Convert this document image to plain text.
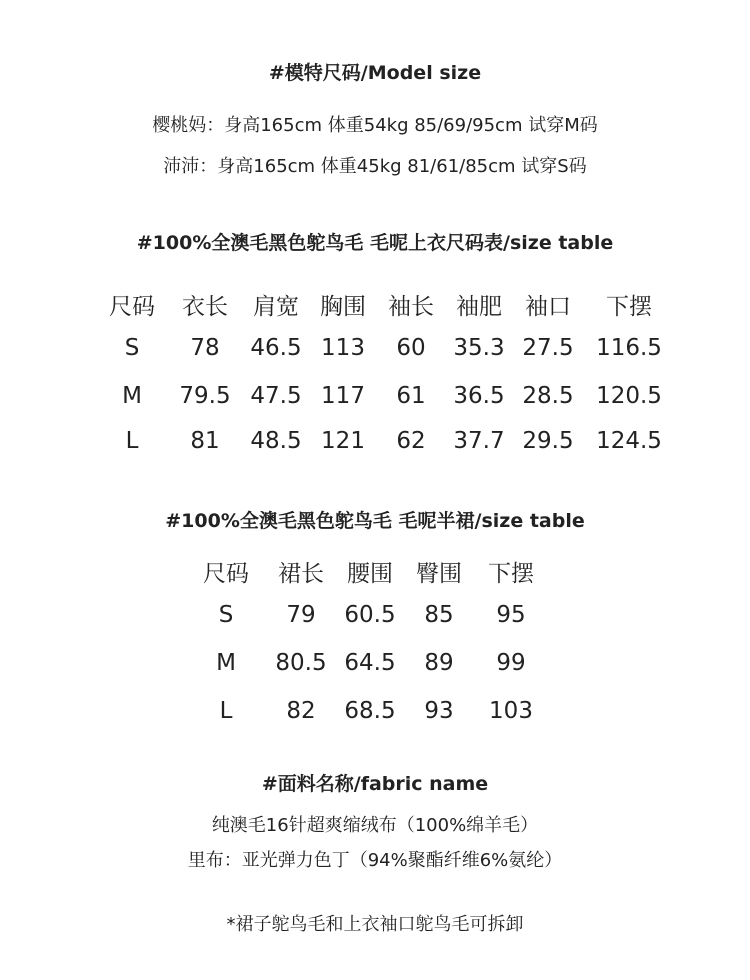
#模特尺码/Model size
樱桃妈：身高165cm 体重54kg 85/69/95cm 试穿M码
沛沛：身高165cm 体重45kg 81/61/85cm 试穿S码
#100%全澳毛黑色鸵鸟毛 毛呢上衣尺码表/size table
尺码 衣长 肩宽 胸围 袖长 袖肥 袖口 下摆
S 78 46.5 113 60 35.3 27.5 116.5
M 79.5 47.5 117 61 36.5 28.5 120.5
L 81 48.5 121 62 37.7 29.5 124.5
#100%全澳毛黑色鸵鸟毛 毛呢半裙/size table
尺码 裙长 腰围 臀围 下摆
S 79 60.5 85 95
M 80.5 64.5 89 99
L 82 68.5 93 103
#面料名称/fabric name
纯澳毛16针超爽缩绒布（100%绵羊毛）
里布：亚光弹力色丁（94%聚酯纤维6%氨纶）
*裙子鸵鸟毛和上衣袖口鸵鸟毛可拆卸
